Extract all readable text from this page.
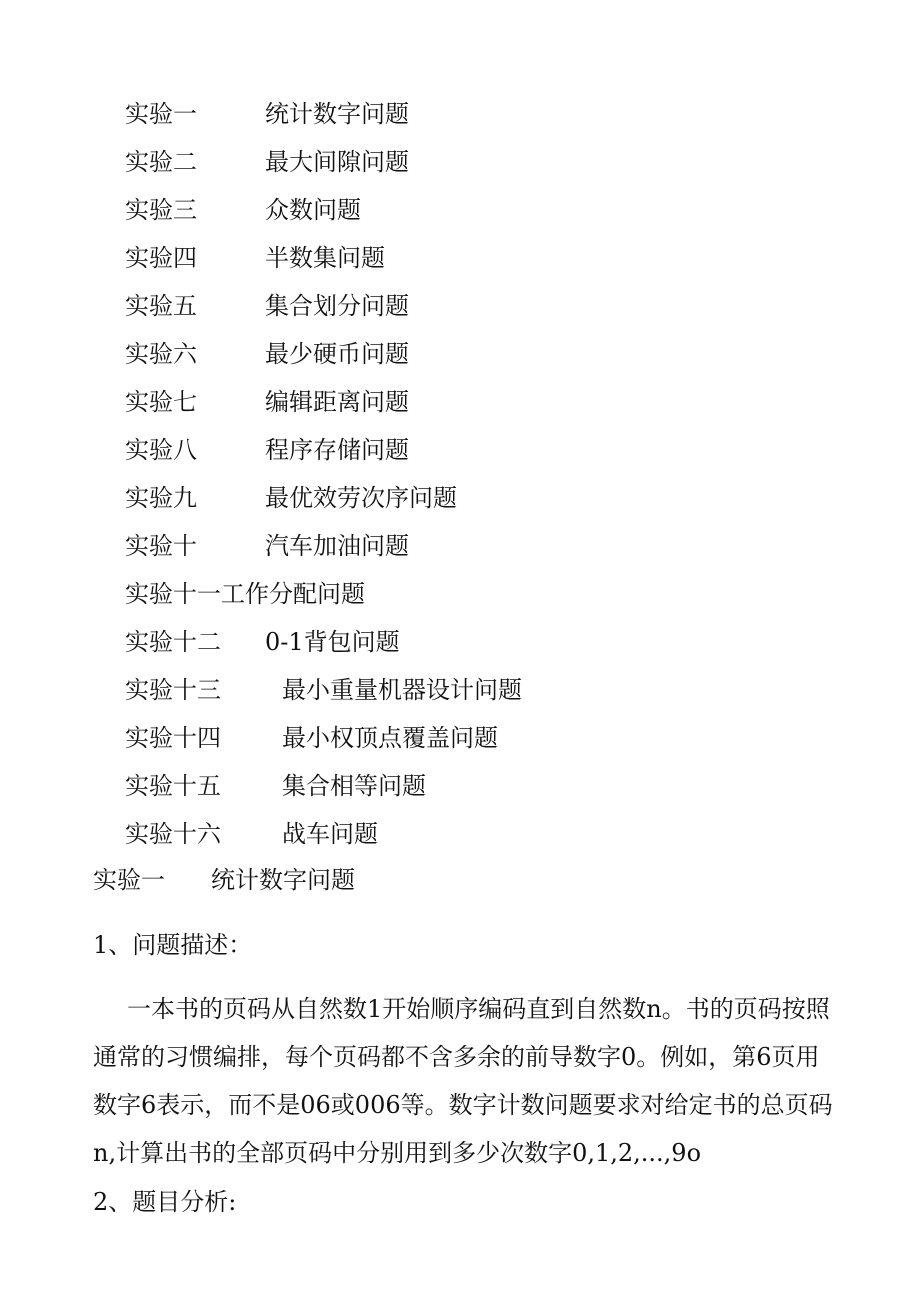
实验一	统计数字问题
实验二	最大间隙问题
实验三	众数问题
实验四	半数集问题
实验五	集合划分问题
实验六	最少硬币问题
实验七	编辑距离问题
实验八	程序存储问题
实验九	最优效劳次序问题
实验十	汽车加油问题
实验十一工作分配问题
实验十二 0-1背包问题
实验十三	最小重量机器设计问题
实验十四	最小权顶点覆盖问题
实验十五	集合相等问题
实验十六	战车问题
实验一 统计数字问题
1、问题描述：
一本书的页码从自然数1开始顺序编码直到自然数n。书的页码按照通常的习惯编排，每个页码都不含多余的前导数字0。例如，第6页用数字6表示，而不是06或006等。数字计数问题要求对给定书的总页码n,计算出书的全部页码中分别用到多少次数字0,1,2,...,9o
2、题目分析:
